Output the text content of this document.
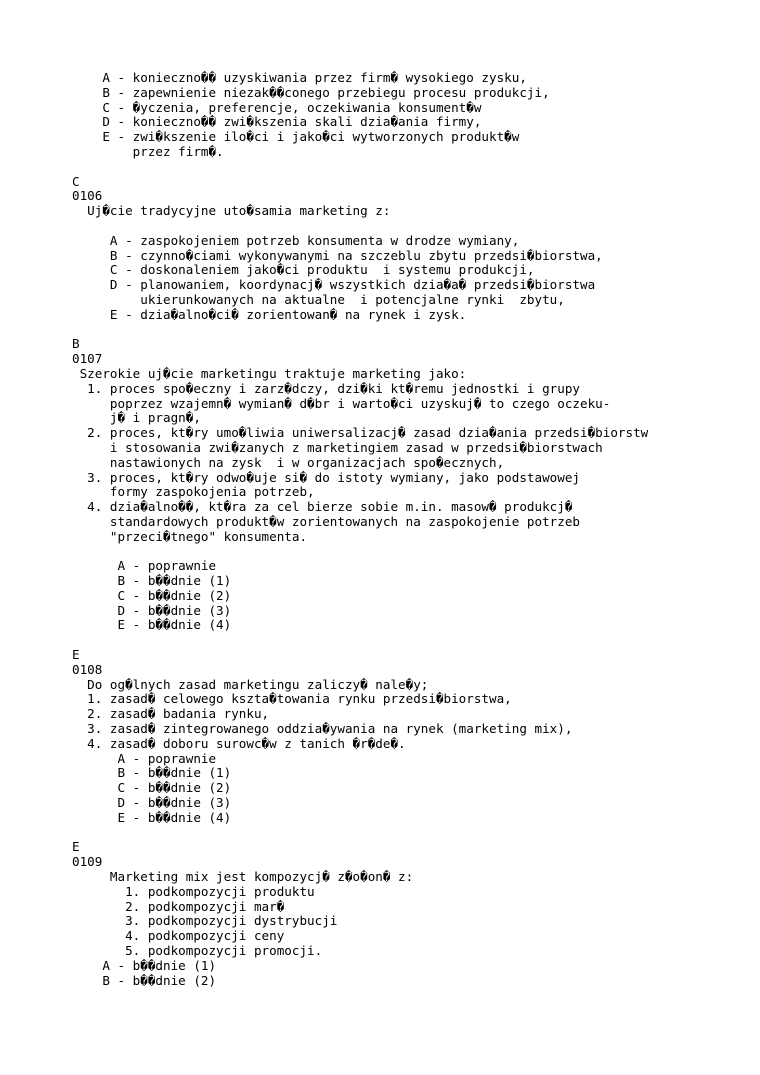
A - konieczno�� uzyskiwania przez firm� wysokiego zysku,
B - zapewnienie niezak��conego przebiegu procesu produkcji,
C - �yczenia, preferencje, oczekiwania konsument�w
D - konieczno�� zwi�kszenia skali dzia�ania firmy,
E - zwi�kszenie ilo�ci i jako�ci wytworzonych produkt�w
przez firm�.
C
0106
Uj�cie tradycyjne uto�samia marketing z:
A - zaspokojeniem potrzeb konsumenta w drodze wymiany,
B - czynno�ciami wykonywanymi na szczeblu zbytu przedsi�biorstwa,
C - doskonaleniem jako�ci produktu  i systemu produkcji,
D - planowaniem, koordynacj� wszystkich dzia�a� przedsi�biorstwa
ukierunkowanych na aktualne  i potencjalne rynki  zbytu,
E - dzia�alno�ci� zorientowan� na rynek i zysk.
B
0107
Szerokie uj�cie marketingu traktuje marketing jako:
1. proces spo�eczny i zarz�dczy, dzi�ki kt�remu jednostki i grupy
poprzez wzajemn� wymian� d�br i warto�ci uzyskuj� to czego oczeku-
j� i pragn�,
2. proces, kt�ry umo�liwia uniwersalizacj� zasad dzia�ania przedsi�biorstw
i stosowania zwi�zanych z marketingiem zasad w przedsi�biorstwach
nastawionych na zysk  i w organizacjach spo�ecznych,
3. proces, kt�ry odwo�uje si� do istoty wymiany, jako podstawowej
formy zaspokojenia potrzeb,
4. dzia�alno��, kt�ra za cel bierze sobie m.in. masow� produkcj�
standardowych produkt�w zorientowanych na zaspokojenie potrzeb
"przeci�tnego" konsumenta.
A - poprawnie
B - b��dnie (1)
C - b��dnie (2)
D - b��dnie (3)
E - b��dnie (4)
E
0108
Do og�lnych zasad marketingu zaliczy� nale�y;
1. zasad� celowego kszta�towania rynku przedsi�biorstwa,
2. zasad� badania rynku,
3. zasad� zintegrowanego oddzia�ywania na rynek (marketing mix),
4. zasad� doboru surowc�w z tanich �r�de�.
A - poprawnie
B - b��dnie (1)
C - b��dnie (2)
D - b��dnie (3)
E - b��dnie (4)
E
0109
Marketing mix jest kompozycj� z�o�on� z:
1. podkompozycji produktu
2. podkompozycji mar�
3. podkompozycji dystrybucji
4. podkompozycji ceny
5. podkompozycji promocji.
A - b��dnie (1)
B - b��dnie (2)
